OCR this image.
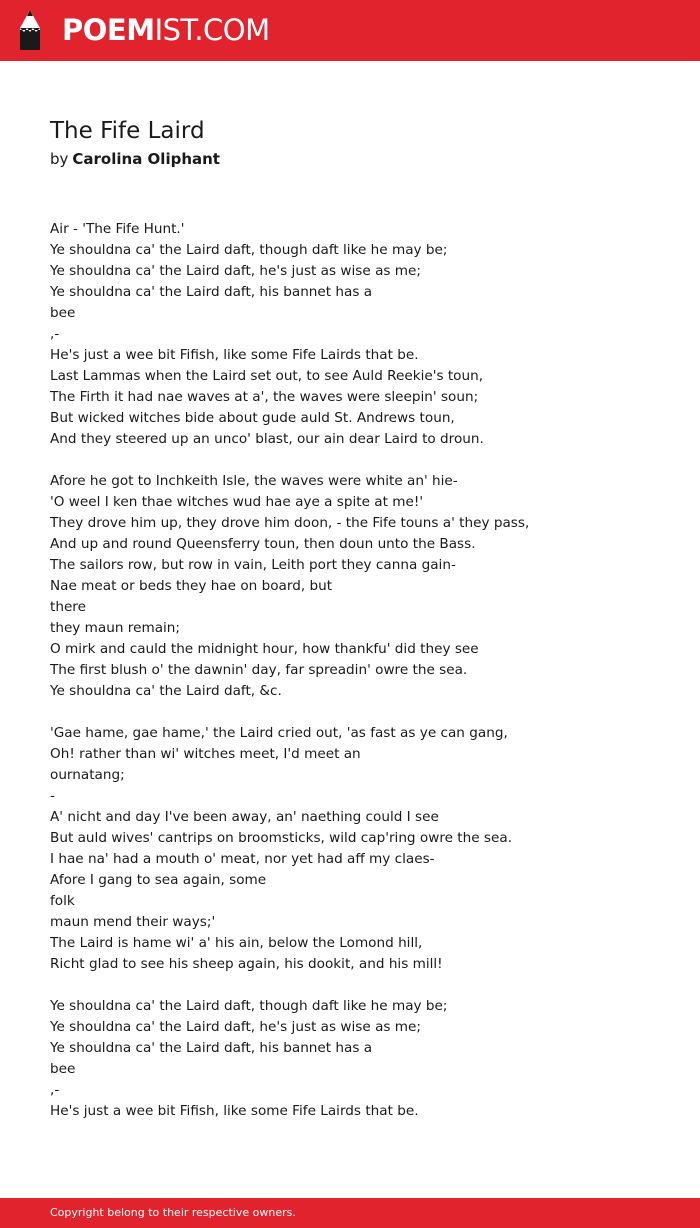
POEMIST.COM
The Fife Laird
by Carolina Oliphant
Air - 'The Fife Hunt.'
Ye shouldna ca' the Laird daft, though daft like he may be;
Ye shouldna ca' the Laird daft, he's just as wise as me;
Ye shouldna ca' the Laird daft, his bannet has a
bee
,-
He's just a wee bit Fifish, like some Fife Lairds that be.
Last Lammas when the Laird set out, to see Auld Reekie's toun,
The Firth it had nae waves at a', the waves were sleepin' soun;
But wicked witches bide about gude auld St. Andrews toun,
And they steered up an unco' blast, our ain dear Laird to droun.
Afore he got to Inchkeith Isle, the waves were white an' hie-
'O weel I ken thae witches wud hae aye a spite at me!'
They drove him up, they drove him doon, - the Fife touns a' they pass,
And up and round Queensferry toun, then doun unto the Bass.
The sailors row, but row in vain, Leith port they canna gain-
Nae meat or beds they hae on board, but
there
they maun remain;
O mirk and cauld the midnight hour, how thankfu' did they see
The first blush o' the dawnin' day, far spreadin' owre the sea.
Ye shouldna ca' the Laird daft, &c.
'Gae hame, gae hame,' the Laird cried out, 'as fast as ye can gang,
Oh! rather than wi' witches meet, I'd meet an
ournatang;
-
A' nicht and day I've been away, an' naething could I see
But auld wives' cantrips on broomsticks, wild cap'ring owre the sea.
I hae na' had a mouth o' meat, nor yet had aff my claes-
Afore I gang to sea again, some
folk
maun mend their ways;'
The Laird is hame wi' a' his ain, below the Lomond hill,
Richt glad to see his sheep again, his dookit, and his mill!
Ye shouldna ca' the Laird daft, though daft like he may be;
Ye shouldna ca' the Laird daft, he's just as wise as me;
Ye shouldna ca' the Laird daft, his bannet has a
bee
,-
He's just a wee bit Fifish, like some Fife Lairds that be.
Copyright belong to their respective owners.
